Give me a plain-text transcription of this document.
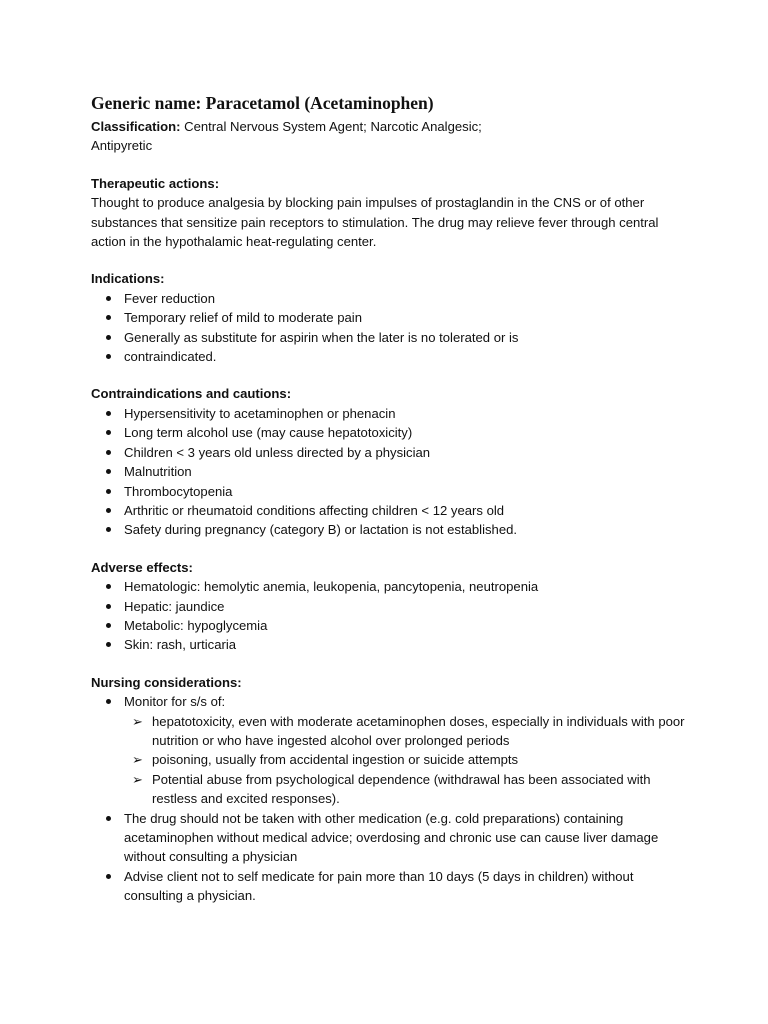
Generic name: Paracetamol (Acetaminophen)
Classification: Central Nervous System Agent; Narcotic Analgesic;
Antipyretic
Therapeutic actions:
Thought to produce analgesia by blocking pain impulses of prostaglandin in the CNS or of other substances that sensitize pain receptors to stimulation. The drug may relieve fever through central action in the hypothalamic heat-regulating center.
Indications:
Fever reduction
Temporary relief of mild to moderate pain
Generally as substitute for aspirin when the later is no tolerated or is
contraindicated.
Contraindications and cautions:
Hypersensitivity to acetaminophen or phenacin
Long term alcohol use (may cause hepatotoxicity)
Children < 3 years old unless directed by a physician
Malnutrition
Thrombocytopenia
Arthritic or rheumatoid conditions affecting children < 12 years old
Safety during pregnancy (category B) or lactation is not established.
Adverse effects:
Hematologic: hemolytic anemia, leukopenia, pancytopenia, neutropenia
Hepatic: jaundice
Metabolic: hypoglycemia
Skin: rash, urticaria
Nursing considerations:
Monitor for s/s of:
➢ hepatotoxicity, even with moderate acetaminophen doses, especially in individuals with poor nutrition or who have ingested alcohol over prolonged periods
➢ poisoning, usually from accidental ingestion or suicide attempts
➢ Potential abuse from psychological dependence (withdrawal has been associated with restless and excited responses).
The drug should not be taken with other medication (e.g. cold preparations) containing acetaminophen without medical advice; overdosing and chronic use can cause liver damage without consulting a physician
Advise client not to self medicate for pain more than 10 days (5 days in children) without consulting a physician.
